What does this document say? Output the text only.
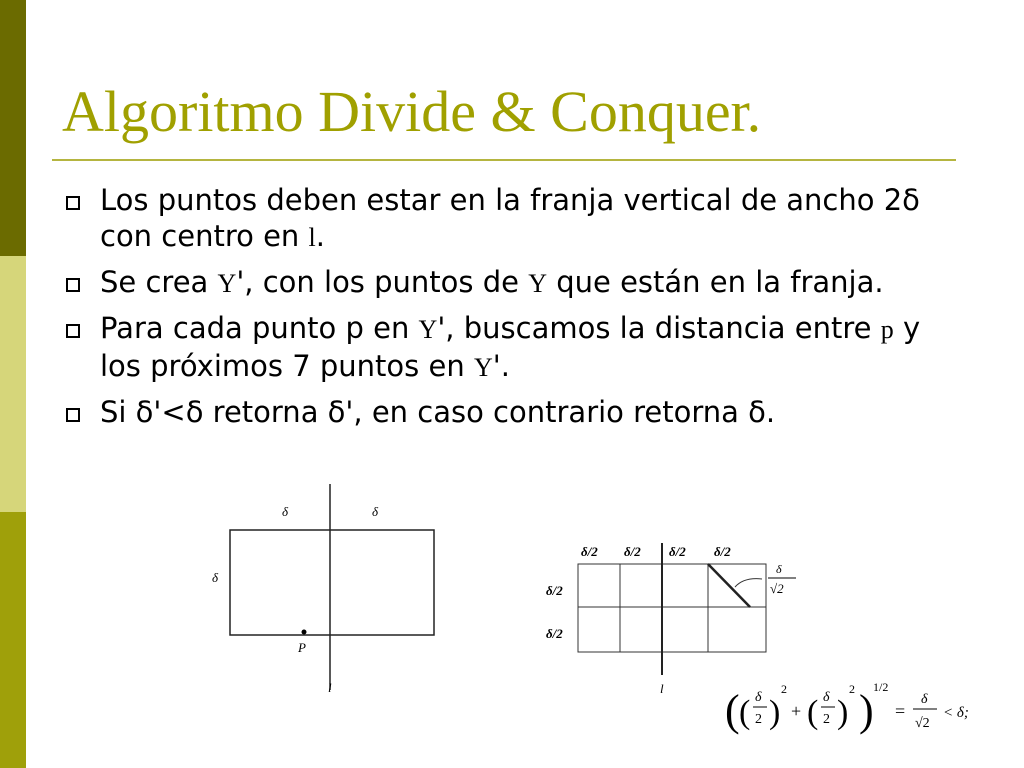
Algoritmo Divide & Conquer.
Los puntos deben estar en la franja vertical de ancho 2δ con centro en l.
Se crea Y', con los puntos de Y que están en la franja.
Para cada punto p en Y', buscamos la distancia entre p y los próximos 7 puntos en Y'.
Si δ'<δ retorna δ', en caso contrario retorna δ.
δ	δ
δ
P
l
δ/2 δ/2 δ/2 δ/2
δ/2
δ/2
δ
√2
l ( ( δ
2 )
2
+ ( δ
2 )
2 ) 1/2
=
δ
√2
< δ;
